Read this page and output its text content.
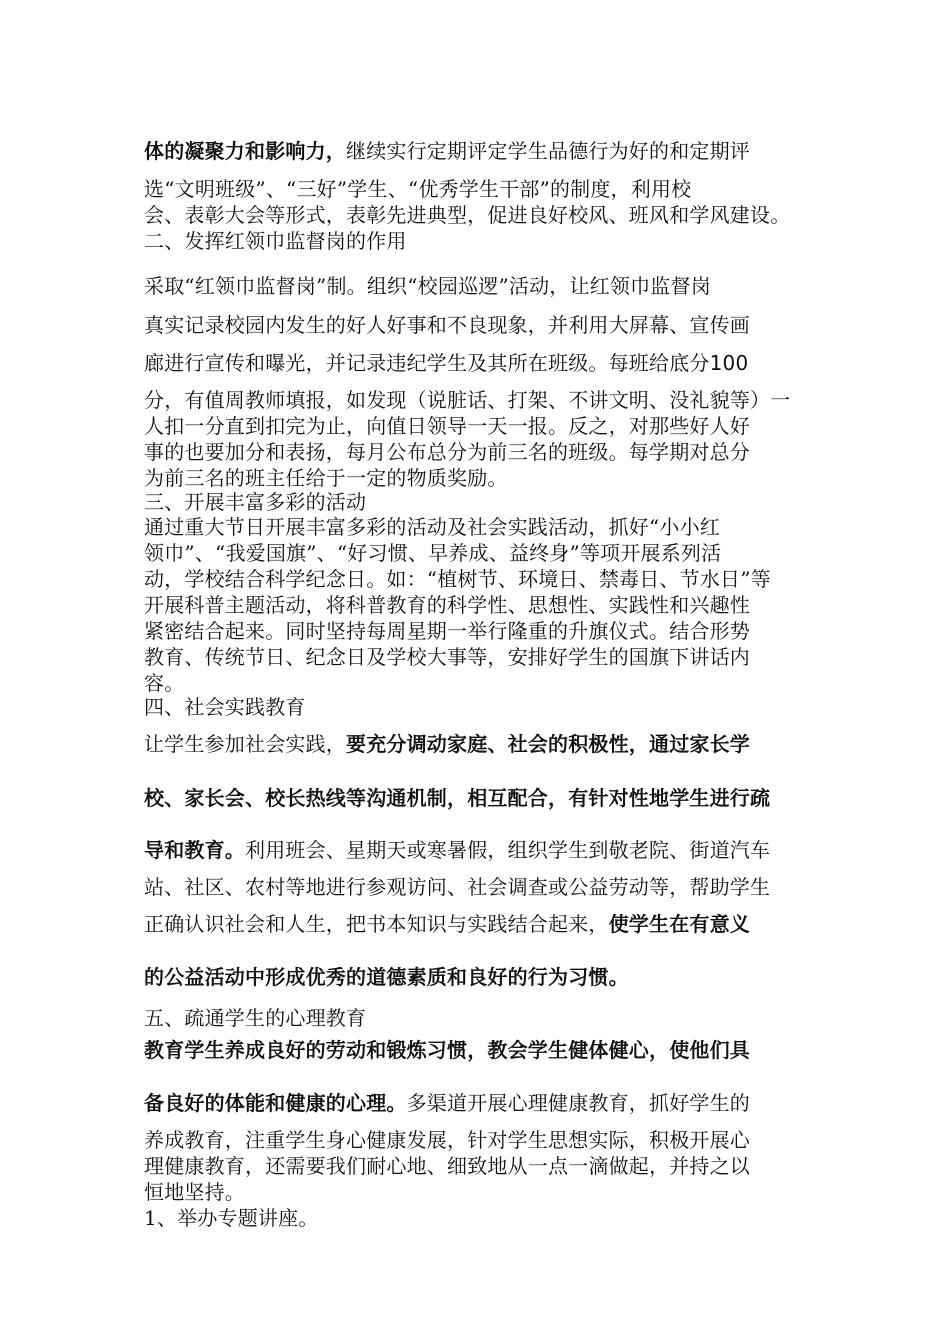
体的凝聚力和影响力，继续实行定期评定学生品德行为好的和定期评
选“文明班级”、“三好”学生、“优秀学生干部”的制度，利用校
会、表彰大会等形式，表彰先进典型，促进良好校风、班风和学风建设。
二、发挥红领巾监督岗的作用
采取“红领巾监督岗”制。组织“校园巡逻”活动，让红领巾监督岗
真实记录校园内发生的好人好事和不良现象，并利用大屏幕、宣传画
廊进行宣传和曝光，并记录违纪学生及其所在班级。每班给底分100
分，有值周教师填报，如发现（说脏话、打架、不讲文明、没礼貌等）一
人扣一分直到扣完为止，向值日领导一天一报。反之，对那些好人好
事的也要加分和表扬，每月公布总分为前三名的班级。每学期对总分
为前三名的班主任给于一定的物质奖励。
三、开展丰富多彩的活动
通过重大节日开展丰富多彩的活动及社会实践活动，抓好“小小红
领巾”、“我爱国旗”、“好习惯、早养成、益终身”等项开展系列活
动，学校结合科学纪念日。如：“植树节、环境日、禁毒日、节水日”等
开展科普主题活动，将科普教育的科学性、思想性、实践性和兴趣性
紧密结合起来。同时坚持每周星期一举行隆重的升旗仪式。结合形势
教育、传统节日、纪念日及学校大事等，安排好学生的国旗下讲话内
容。
四、社会实践教育
让学生参加社会实践，要充分调动家庭、社会的积极性，通过家长学
校、家长会、校长热线等沟通机制，相互配合，有针对性地学生进行疏
导和教育。利用班会、星期天或寒暑假，组织学生到敬老院、街道汽车
站、社区、农村等地进行参观访问、社会调查或公益劳动等，帮助学生
正确认识社会和人生，把书本知识与实践结合起来，使学生在有意义
的公益活动中形成优秀的道德素质和良好的行为习惯。
五、疏通学生的心理教育
教育学生养成良好的劳动和锻炼习惯，教会学生健体健心，使他们具
备良好的体能和健康的心理。多渠道开展心理健康教育，抓好学生的
养成教育，注重学生身心健康发展，针对学生思想实际，积极开展心
理健康教育，还需要我们耐心地、细致地从一点一滴做起，并持之以
恒地坚持。
1、举办专题讲座。
